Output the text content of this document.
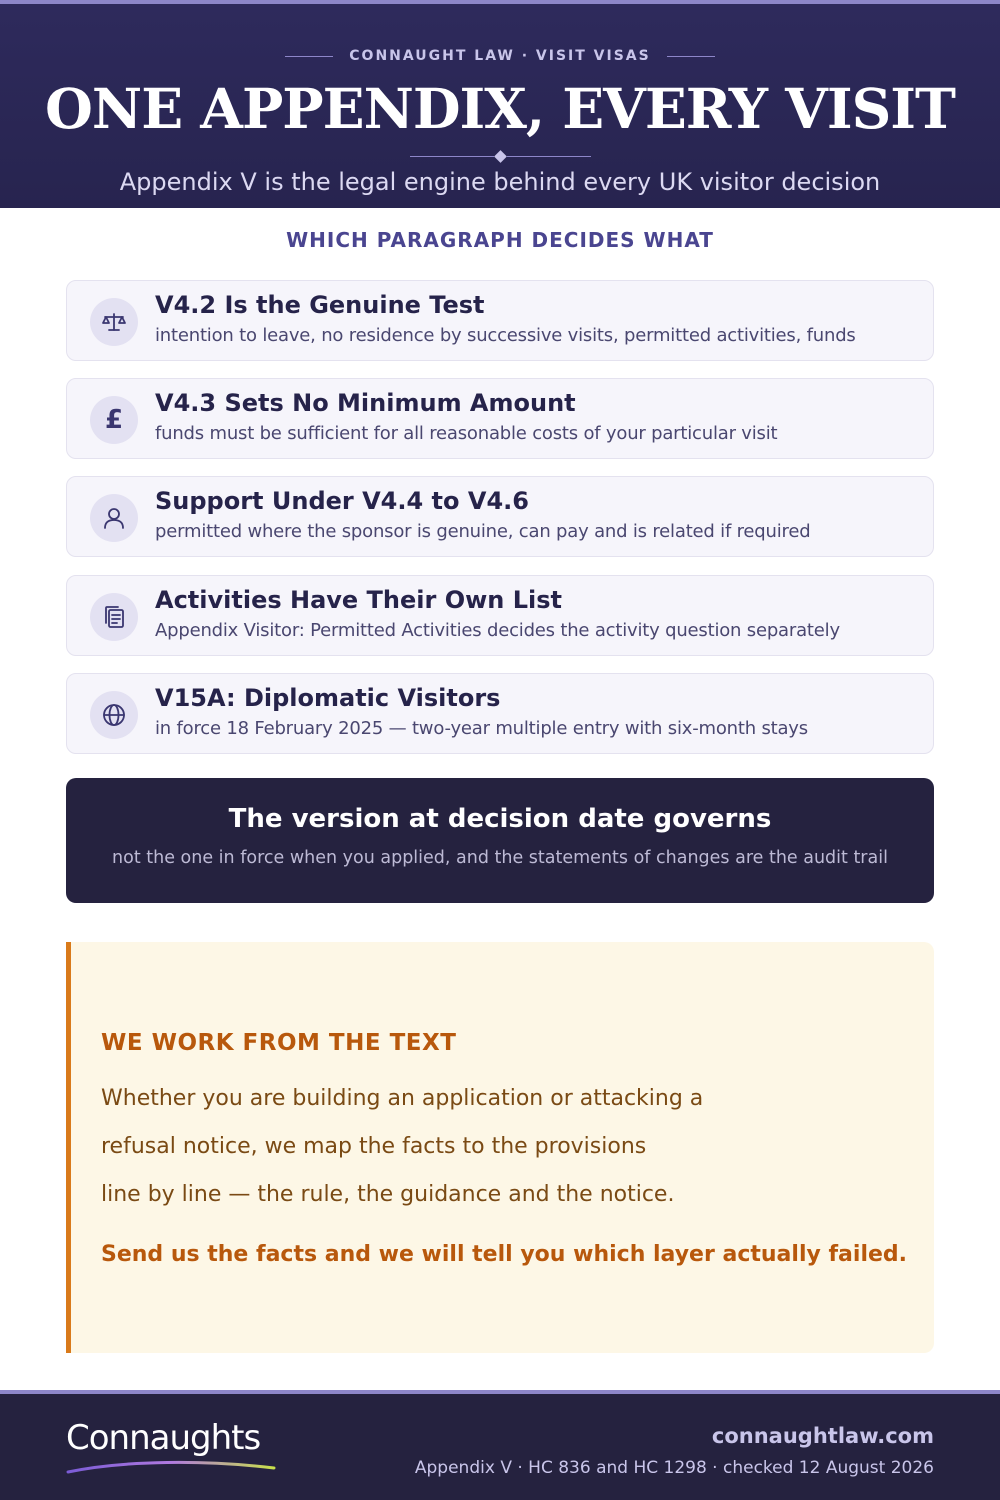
CONNAUGHT LAW · VISIT VISAS
ONE APPENDIX, EVERY VISIT
Appendix V is the legal engine behind every UK visitor decision
WHICH PARAGRAPH DECIDES WHAT
V4.2 Is the Genuine Test
intention to leave, no residence by successive visits, permitted activities, funds
£
V4.3 Sets No Minimum Amount
funds must be sufficient for all reasonable costs of your particular visit
Support Under V4.4 to V4.6
permitted where the sponsor is genuine, can pay and is related if required
Activities Have Their Own List
Appendix Visitor: Permitted Activities decides the activity question separately
V15A: Diplomatic Visitors
in force 18 February 2025 — two-year multiple entry with six-month stays
The version at decision date governs
not the one in force when you applied, and the statements of changes are the audit trail
WE WORK FROM THE TEXT
Whether you are building an application or attacking a
refusal notice, we map the facts to the provisions
line by line — the rule, the guidance and the notice.
Send us the facts and we will tell you which layer actually failed.
Connaughts	connaughtlaw.com
Appendix V · HC 836 and HC 1298 · checked 12 August 2026
